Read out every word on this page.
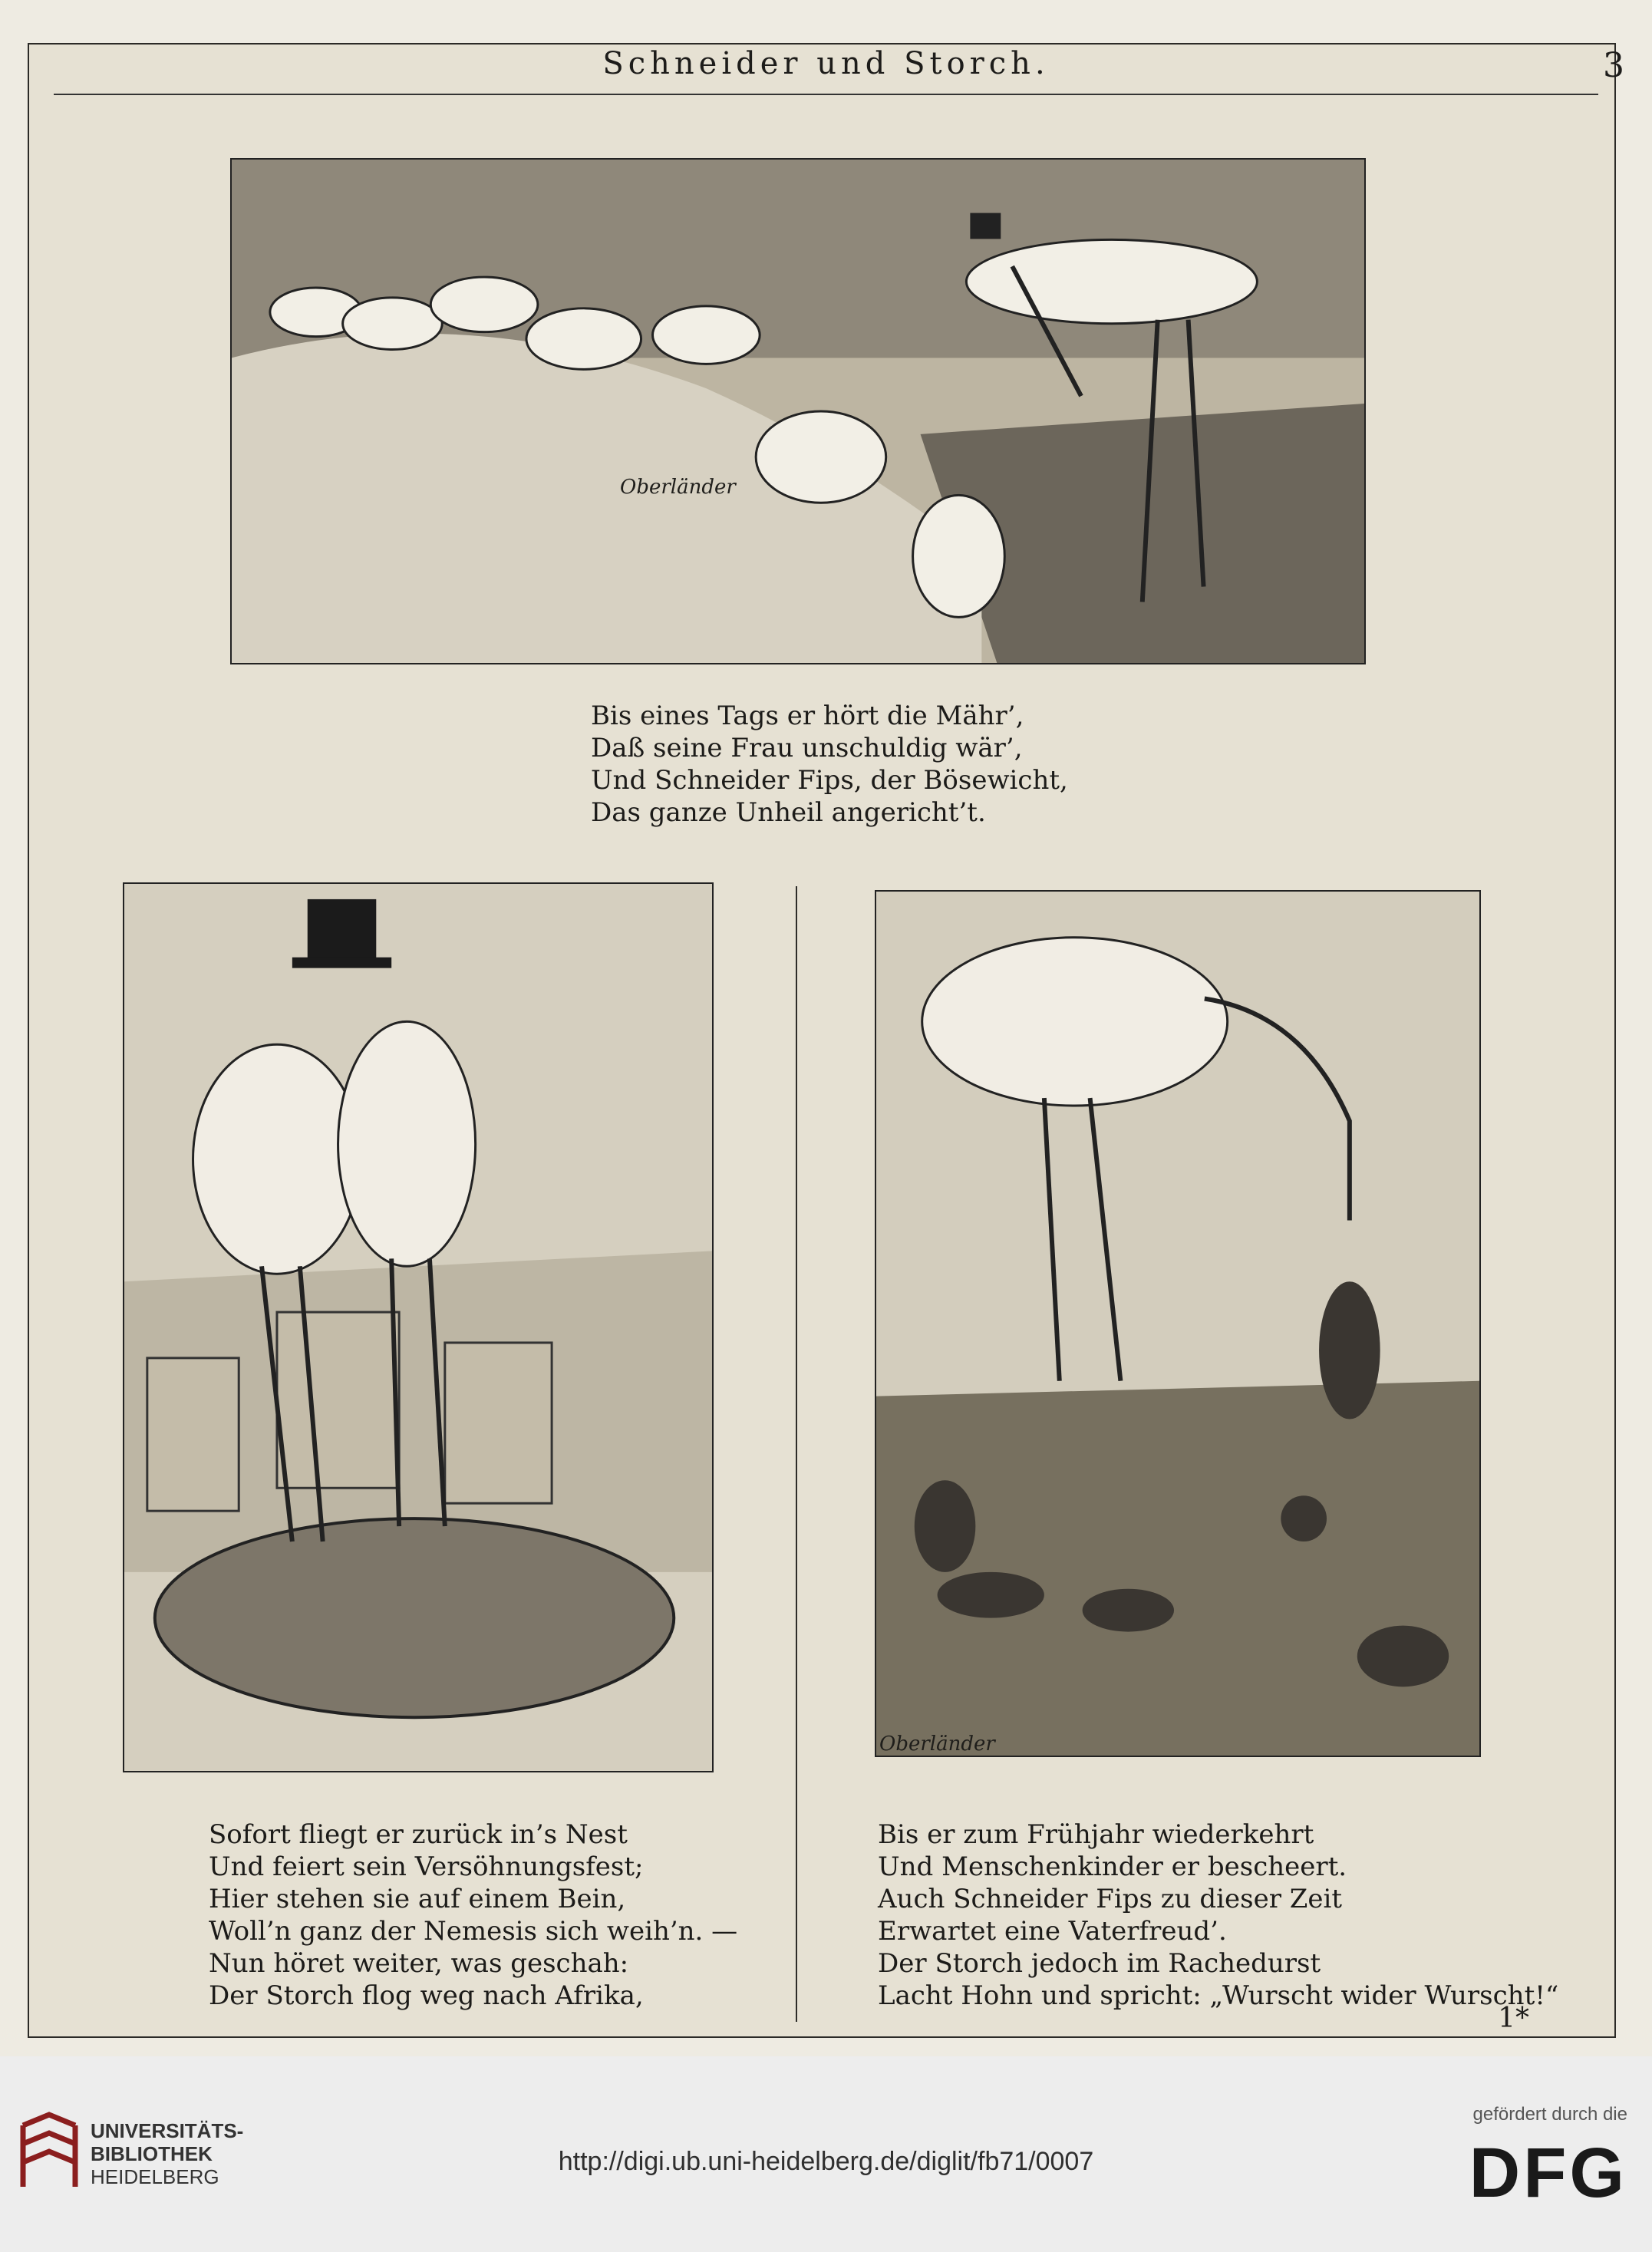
Schneider und Storch.	3
Oberländer
Bis eines Tags er hört die Mähr’,
Daß seine Frau unschuldig wär’,
Und Schneider Fips, der Bösewicht,
Das ganze Unheil angericht’t.
Oberländer
Sofort fliegt er zurück in’s Nest
Und feiert sein Versöhnungsfest;
Hier stehen sie auf einem Bein,
Woll’n ganz der Nemesis sich weih’n. —
Nun höret weiter, was geschah:
Der Storch flog weg nach Afrika,
Bis er zum Frühjahr wiederkehrt
Und Menschenkinder er bescheert.
Auch Schneider Fips zu dieser Zeit
Erwartet eine Vaterfreud’.
Der Storch jedoch im Rachedurst
Lacht Hohn und spricht: „Wurscht wider Wurscht!“
1*
UNIVERSITÄTS-
BIBLIOTHEK
HEIDELBERG
http://digi.ub.uni-heidelberg.de/diglit/fb71/0007
gefördert durch die
DFG
